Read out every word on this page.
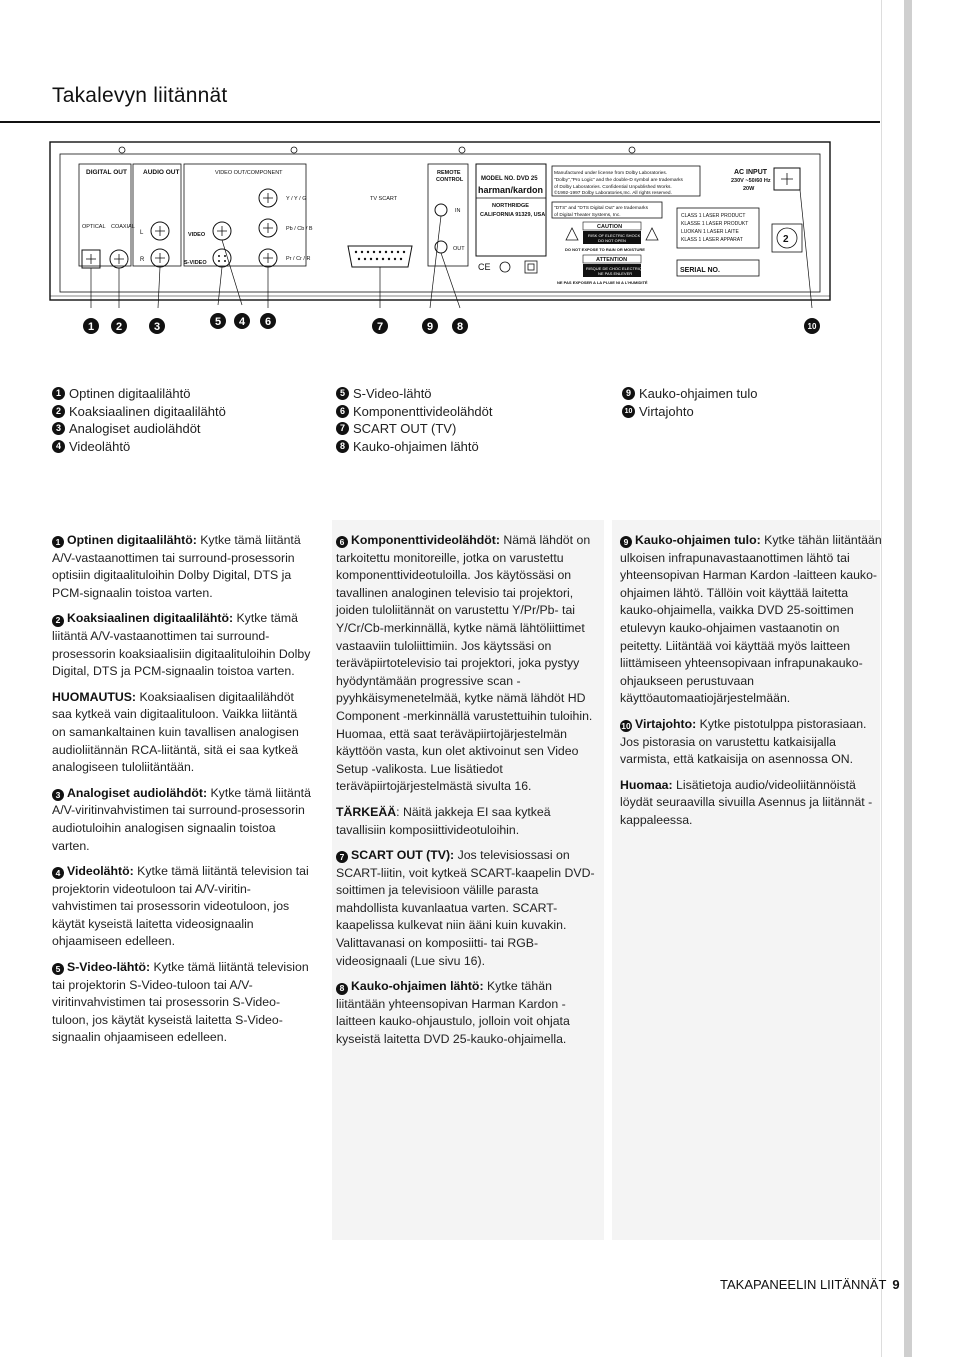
Takalevyn liitännät
DIGITAL OUT AUDIO OUT	VIDEO OUT/COMPONENT
OPTICAL COAXIAL
L
R
VIDEO
S-VIDEO
Y / Y / G
Pb / Cb / B
Pr / Cr / R
TV SCART
REMOTE
CONTROL
IN
OUT
MODEL NO. DVD 25
harman/kardon
NORTHRIDGE
CALIFORNIA 91329, USA
CE
Manufactured under license from Dolby Laboratories.
"Dolby","Pro Logic" and the double-D symbol are trademarks
of Dolby Laboratories. Confidential Unpublished Works.
©1992-1997 Dolby Laboratories,Inc. All rights reserved.
"DTS" and "DTS Digital Out" are trademarks
of Digital Theater Systems, Inc.
CAUTION
RISK OF ELECTRIC SHOCK
DO NOT OPEN
DO NOT EXPOSE TO RAIN OR MOISTURE
ATTENTION
RISQUE DE CHOC ELECTRIQUE
NE PAS ENLEVER
NE PAS EXPOSER A LA PLUIE NI A L'HUMIDITÉ
AC INPUT
230V ~50/60 Hz
20W
CLASS 1 LASER PRODUCT
KLASSE 1 LASER PRODUKT
LUOKAN 1 LASER LAITE
KLASS 1 LASER APPARAT	2
SERIAL NO.
1 2	3	5 4 6	7	9 8	10
1 Optinen digitaalilähtö
2 Koaksiaalinen digitaalilähtö
3 Analogiset audiolähdöt
4 Videolähtö
5 S-Video-lähtö
6 Komponenttivideolähdöt
7 SCART OUT (TV)
8 Kauko-ohjaimen lähtö
9 Kauko-ohjaimen tulo
10 Virtajohto

1 Optinen digitaalilähtö: Kytke tämä liitäntä A/V-vastaanottimen tai surround-prosessorin optisiin digitaalituloihin Dolby Digital, DTS ja PCM-signaalin toistoa varten.

2 Koaksiaalinen digitaalilähtö: Kytke tämä liitäntä A/V-vastaanottimen tai surround-prosessorin koaksiaalisiin digitaalituloihin Dolby Digital, DTS ja PCM-signaalin toistoa varten.

HUOMAUTUS: Koaksiaalisen digitaalilähdöt saa kytkeä vain digitaalituloon. Vaikka liitäntä on samankaltainen kuin tavallisen analogisen audioliitännän RCA-liitäntä, sitä ei saa kytkeä analogiseen tuloliitäntään.

3 Analogiset audiolähdöt: Kytke tämä liitäntä A/V-viritinvahvistimen tai surround-prosessorin audiotuloihin analogisen signaalin toistoa varten.

4 Videolähtö: Kytke tämä liitäntä television tai projektorin videotuloon tai A/V-viritin-vahvistimen tai prosessorin videotuloon, jos käytät kyseistä laitetta videosignaalin ohjaamiseen edelleen.

5 S-Video-lähtö: Kytke tämä liitäntä television tai projektorin S-Video-tuloon tai A/V-viritinvahvistimen tai prosessorin S-Video-tuloon, jos käytät kyseistä laitetta S-Video-signaalin ohjaamiseen edelleen.

6 Komponenttivideolähdöt: Nämä lähdöt on tarkoitettu monitoreille, jotka on varustettu komponenttivideotuloilla. Jos käytössäsi on tavallinen analoginen televisio tai projektori, joiden tuloliitännät on varustettu Y/Pr/Pb- tai Y/Cr/Cb-merkinnällä, kytke nämä lähtöliittimet vastaaviin tuloliittimiin. Jos käytssäsi on teräväpiirtotelevisio tai projektori, joka pystyy hyödyntämään progressive scan - pyyhkäisymenetelmää, kytke nämä lähdöt HD Component -merkinnällä varustettuihin tuloihin. Huomaa, että saat teräväpiirtojärjestelmän käyttöön vasta, kun olet aktivoinut sen Video Setup -valikosta. Lue lisätiedot teräväpiirtojärjestelmästä sivulta 16.

TÄRKEÄÄ: Näitä jakkeja EI saa kytkeä tavallisiin komposiittivideotuloihin.

7 SCART OUT (TV): Jos televisiossasi on SCART-liitin, voit kytkeä SCART-kaapelin DVD-soittimen ja televisioon välille parasta mahdollista kuvanlaatua varten. SCART-kaapelissa kulkevat niin ääni kuin kuvakin. Valittavanasi on komposiitti- tai RGB-videosignaali (Lue sivu 16).

8 Kauko-ohjaimen lähtö: Kytke tähän liitäntään yhteensopivan Harman Kardon -laitteen kauko-ohjaustulo, jolloin voit ohjata kyseistä laitetta DVD 25-kauko-ohjaimella.

9 Kauko-ohjaimen tulo: Kytke tähän liitäntään ulkoisen infrapunavastaanottimen lähtö tai yhteensopivan Harman Kardon -laitteen kauko-ohjaimen lähtö. Tällöin voit käyttää laitetta kauko-ohjaimella, vaikka DVD 25-soittimen etulevyn kauko-ohjaimen vastaanotin on peitetty. Liitäntää voi käyttää myös laitteen liittämiseen yhteensopivaan infrapunakauko-ohjaukseen perustuvaan käyttöautomaatiojärjestelmään.

10 Virtajohto: Kytke pistotulppa pistorasiaan. Jos pistorasia on varustettu katkaisijalla varmista, että katkaisija on asennossa ON.

Huomaa: Lisätietoja audio/videoliitännöistä löydät seuraavilla sivuilla Asennus ja liitännät -kappaleessa.

TAKAPANEELIN LIITÄNNÄT 9
